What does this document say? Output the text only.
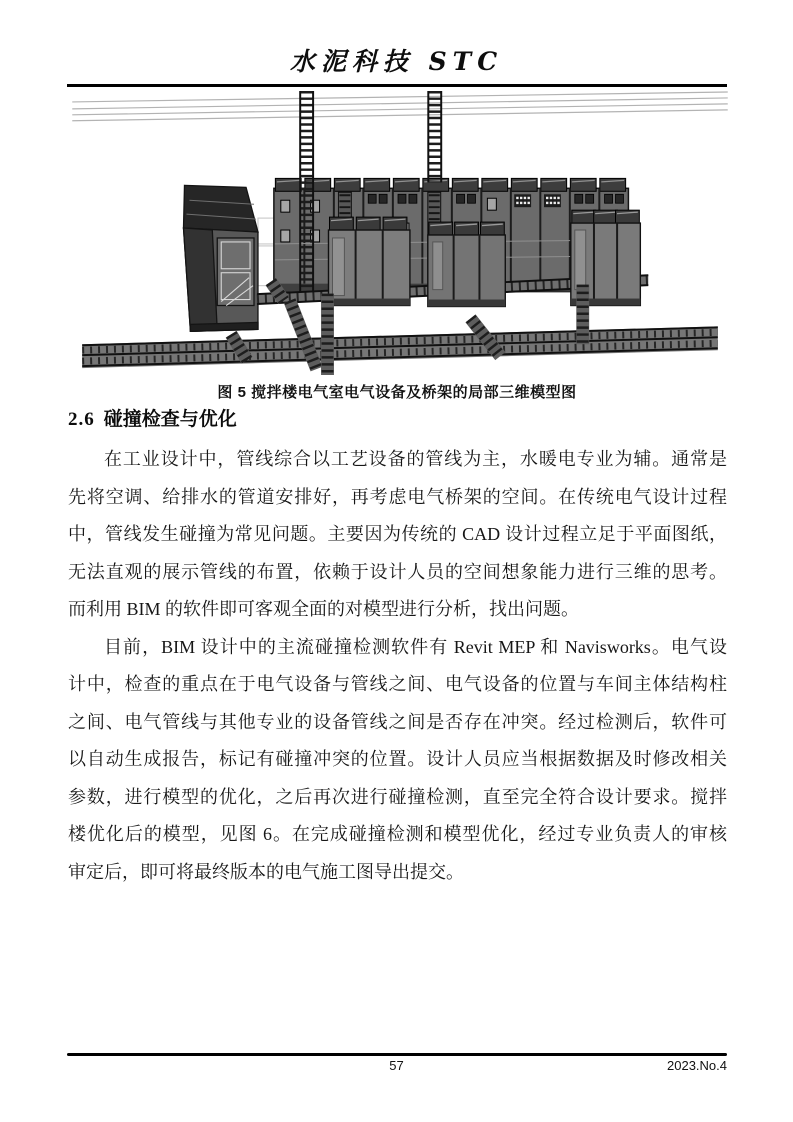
水泥科技 STC
图 5 搅拌楼电气室电气设备及桥架的局部三维模型图
2.6 碰撞检查与优化
在工业设计中，管线综合以工艺设备的管线为主，水暖电专业为辅。通常是
先将空调、给排水的管道安排好，再考虑电气桥架的空间。在传统电气设计过程
中，管线发生碰撞为常见问题。主要因为传统的 CAD 设计过程立足于平面图纸，
无法直观的展示管线的布置，依赖于设计人员的空间想象能力进行三维的思考。
而利用 BIM 的软件即可客观全面的对模型进行分析，找出问题。
目前，BIM 设计中的主流碰撞检测软件有 Revit MEP 和 Navisworks。电气设
计中，检查的重点在于电气设备与管线之间、电气设备的位置与车间主体结构柱
之间、电气管线与其他专业的设备管线之间是否存在冲突。经过检测后，软件可
以自动生成报告，标记有碰撞冲突的位置。设计人员应当根据数据及时修改相关
参数，进行模型的优化，之后再次进行碰撞检测，直至完全符合设计要求。搅拌
楼优化后的模型，见图 6。在完成碰撞检测和模型优化，经过专业负责人的审核
审定后，即可将最终版本的电气施工图导出提交。
57	2023.No.4
